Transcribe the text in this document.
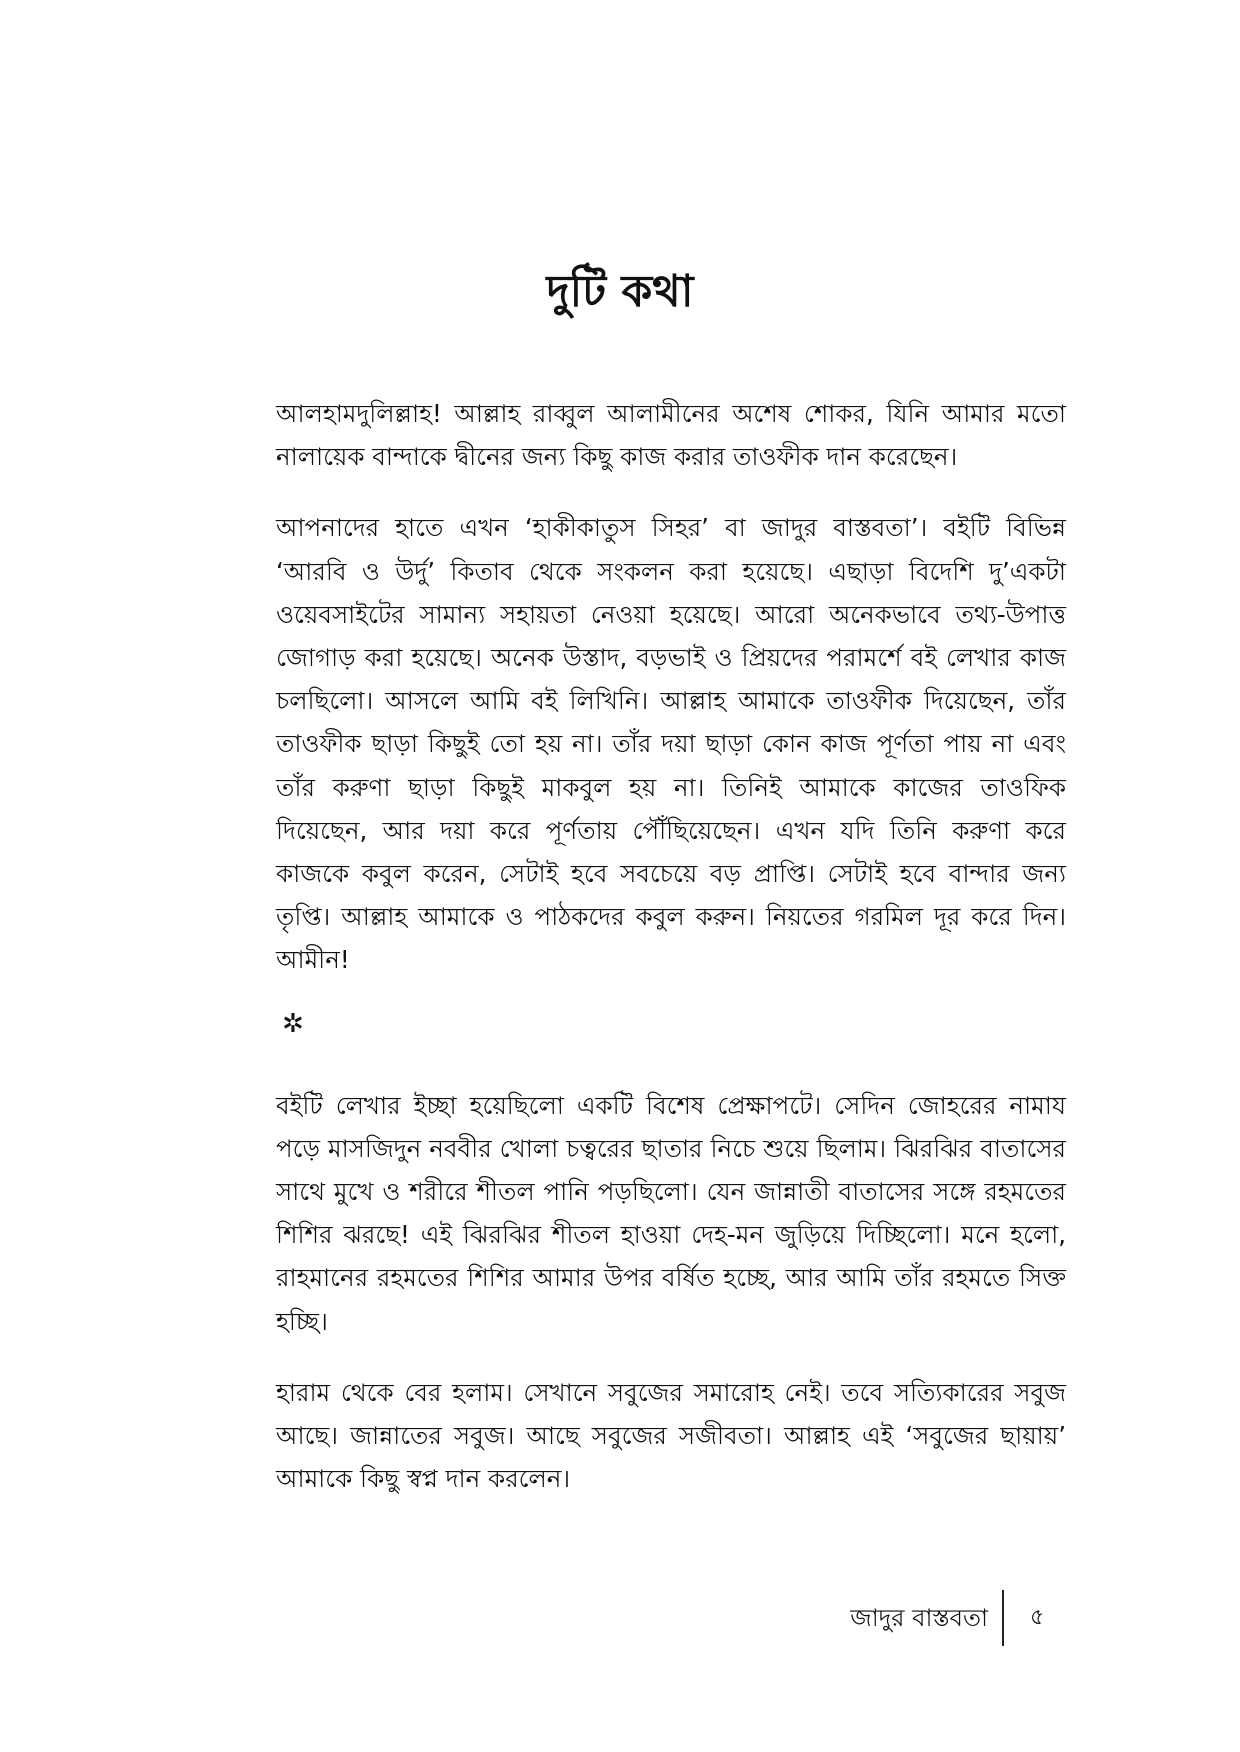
দুটি কথা

আলহামদুলিল্লাহ! আল্লাহ রাব্বুল আলামীনের অশেষ শোকর, যিনি আমার মতো নালায়েক বান্দাকে দ্বীনের জন্য কিছু কাজ করার তাওফীক দান করেছেন।

আপনাদের হাতে এখন ‘হাকীকাতুস সিহর’ বা জাদুর বাস্তবতা’। বইটি বিভিন্ন ‘আরবি ও উর্দু’ কিতাব থেকে সংকলন করা হয়েছে। এছাড়া বিদেশি দু’একটা ওয়েবসাইটের সামান্য সহায়তা নেওয়া হয়েছে। আরো অনেকভাবে তথ্য-উপাত্ত জোগাড় করা হয়েছে। অনেক উস্তাদ, বড়ভাই ও প্রিয়দের পরামর্শে বই লেখার কাজ চলছিলো। আসলে আমি বই লিখিনি। আল্লাহ আমাকে তাওফীক দিয়েছেন, তাঁর তাওফীক ছাড়া কিছুই তো হয় না। তাঁর দয়া ছাড়া কোন কাজ পূর্ণতা পায় না এবং তাঁর করুণা ছাড়া কিছুই মাকবুল হয় না। তিনিই আমাকে কাজের তাওফিক দিয়েছেন, আর দয়া করে পূর্ণতায় পৌঁছিয়েছেন। এখন যদি তিনি করুণা করে কাজকে কবুল করেন, সেটাই হবে সবচেয়ে বড় প্রাপ্তি। সেটাই হবে বান্দার জন্য তৃপ্তি। আল্লাহ আমাকে ও পাঠকদের কবুল করুন। নিয়তের গরমিল দূর করে দিন। আমীন!

✲

বইটি লেখার ইচ্ছা হয়েছিলো একটি বিশেষ প্রেক্ষাপটে। সেদিন জোহরের নামায পড়ে মাসজিদুন নববীর খোলা চত্বরের ছাতার নিচে শুয়ে ছিলাম। ঝিরঝির বাতাসের সাথে মুখে ও শরীরে শীতল পানি পড়ছিলো। যেন জান্নাতী বাতাসের সঙ্গে রহমতের শিশির ঝরছে! এই ঝিরঝির শীতল হাওয়া দেহ-মন জুড়িয়ে দিচ্ছিলো। মনে হলো, রাহমানের রহমতের শিশির আমার উপর বর্ষিত হচ্ছে, আর আমি তাঁর রহমতে সিক্ত হচ্ছি।

হারাম থেকে বের হলাম। সেখানে সবুজের সমারোহ নেই। তবে সত্যিকারের সবুজ আছে। জান্নাতের সবুজ। আছে সবুজের সজীবতা। আল্লাহ এই ‘সবুজের ছায়ায়’ আমাকে কিছু স্বপ্ন দান করলেন।

জাদুর বাস্তবতা ৫
